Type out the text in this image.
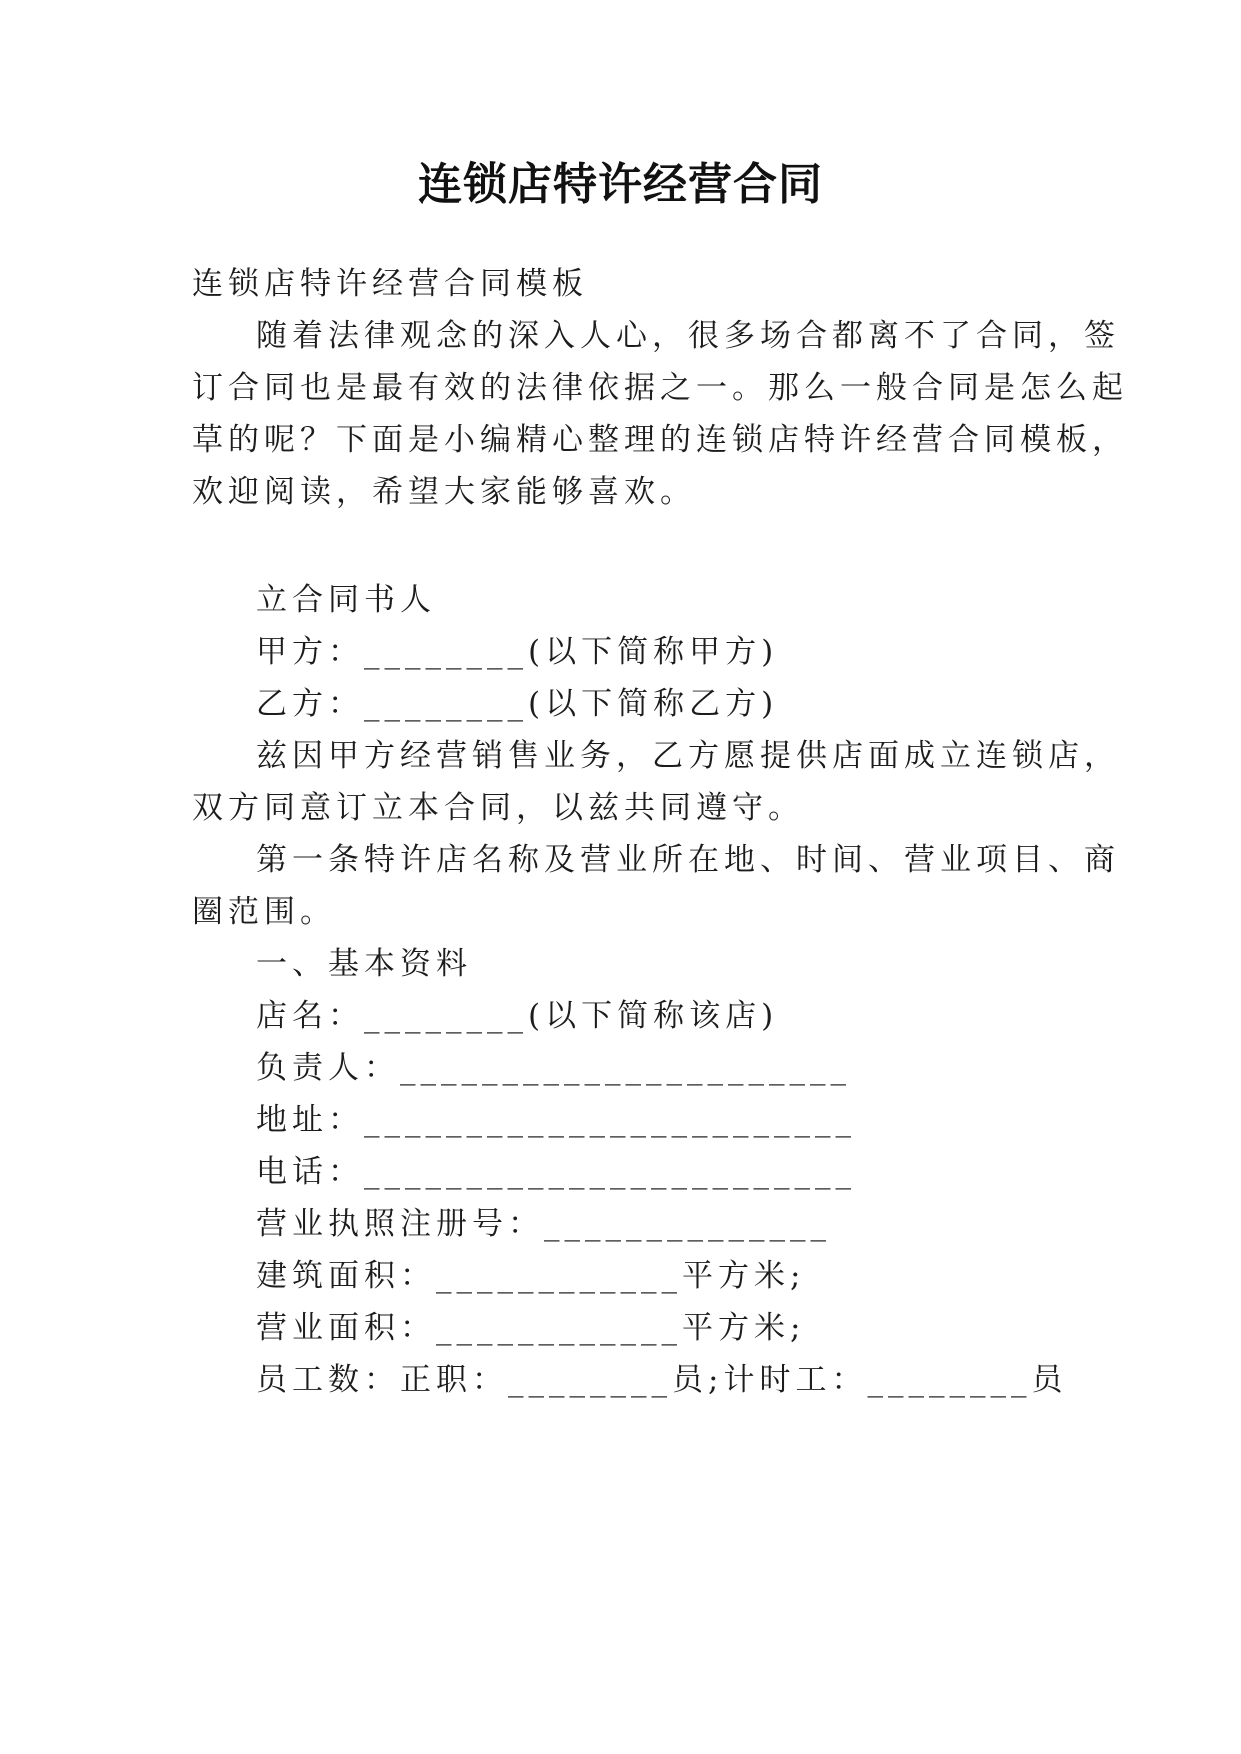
连锁店特许经营合同
连锁店特许经营合同模板
随着法律观念的深入人心，很多场合都离不了合同，签
订合同也是最有效的法律依据之一。那么一般合同是怎么起
草的呢？下面是小编精心整理的连锁店特许经营合同模板，
欢迎阅读，希望大家能够喜欢。
立合同书人
甲方：________(以下简称甲方)
乙方：________(以下简称乙方)
兹因甲方经营销售业务，乙方愿提供店面成立连锁店，
双方同意订立本合同，以兹共同遵守。
第一条特许店名称及营业所在地、时间、营业项目、商
圈范围。
一、基本资料
店名：________(以下简称该店)
负责人：______________________
地址：________________________
电话：________________________
营业执照注册号：______________
建筑面积：____________平方米;
营业面积：____________平方米;
员工数：正职：________员;计时工：________员
